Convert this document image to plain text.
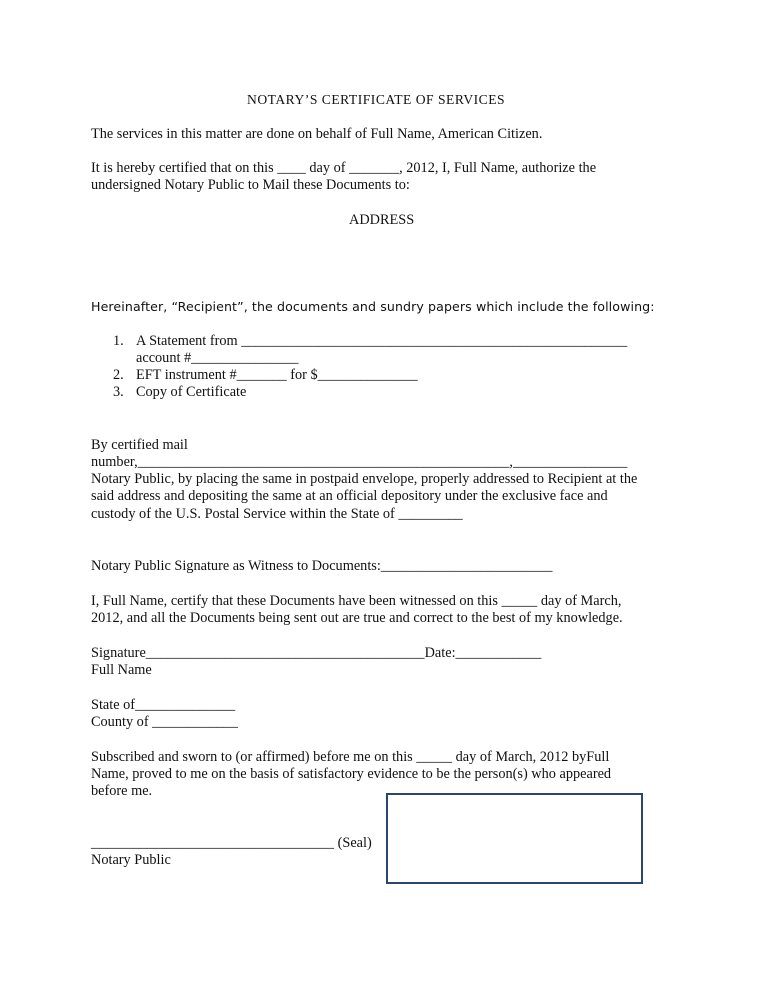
NOTARY’S CERTIFICATE OF SERVICES

The services in this matter are done on behalf of Full Name, American Citizen.

It is hereby certified that on this ____ day of _______, 2012, I, Full Name, authorize the

undersigned Notary Public to Mail these Documents to:

ADDRESS

Hereinafter, “Recipient”, the documents and sundry papers which include the following:

1. A Statement from ______________________________________________________
account #_______________
2. EFT instrument #_______ for $______________
3. Copy of Certificate

By certified mail

number,____________________________________________________,________________

Notary Public, by placing the same in postpaid envelope, properly addressed to Recipient at the

said address and depositing the same at an official depository under the exclusive face and

custody of the U.S. Postal Service within the State of _________

Notary Public Signature as Witness to Documents:________________________

I, Full Name, certify that these Documents have been witnessed on this _____ day of March,

2012, and all the Documents being sent out are true and correct to the best of my knowledge.

Signature_______________________________________Date:____________

Full Name

State of______________

County of ____________

Subscribed and sworn to (or affirmed) before me on this _____ day of March, 2012 byFull

Name, proved to me on the basis of satisfactory evidence to be the person(s) who appeared

before me.

__________________________________ (Seal)

Notary Public
